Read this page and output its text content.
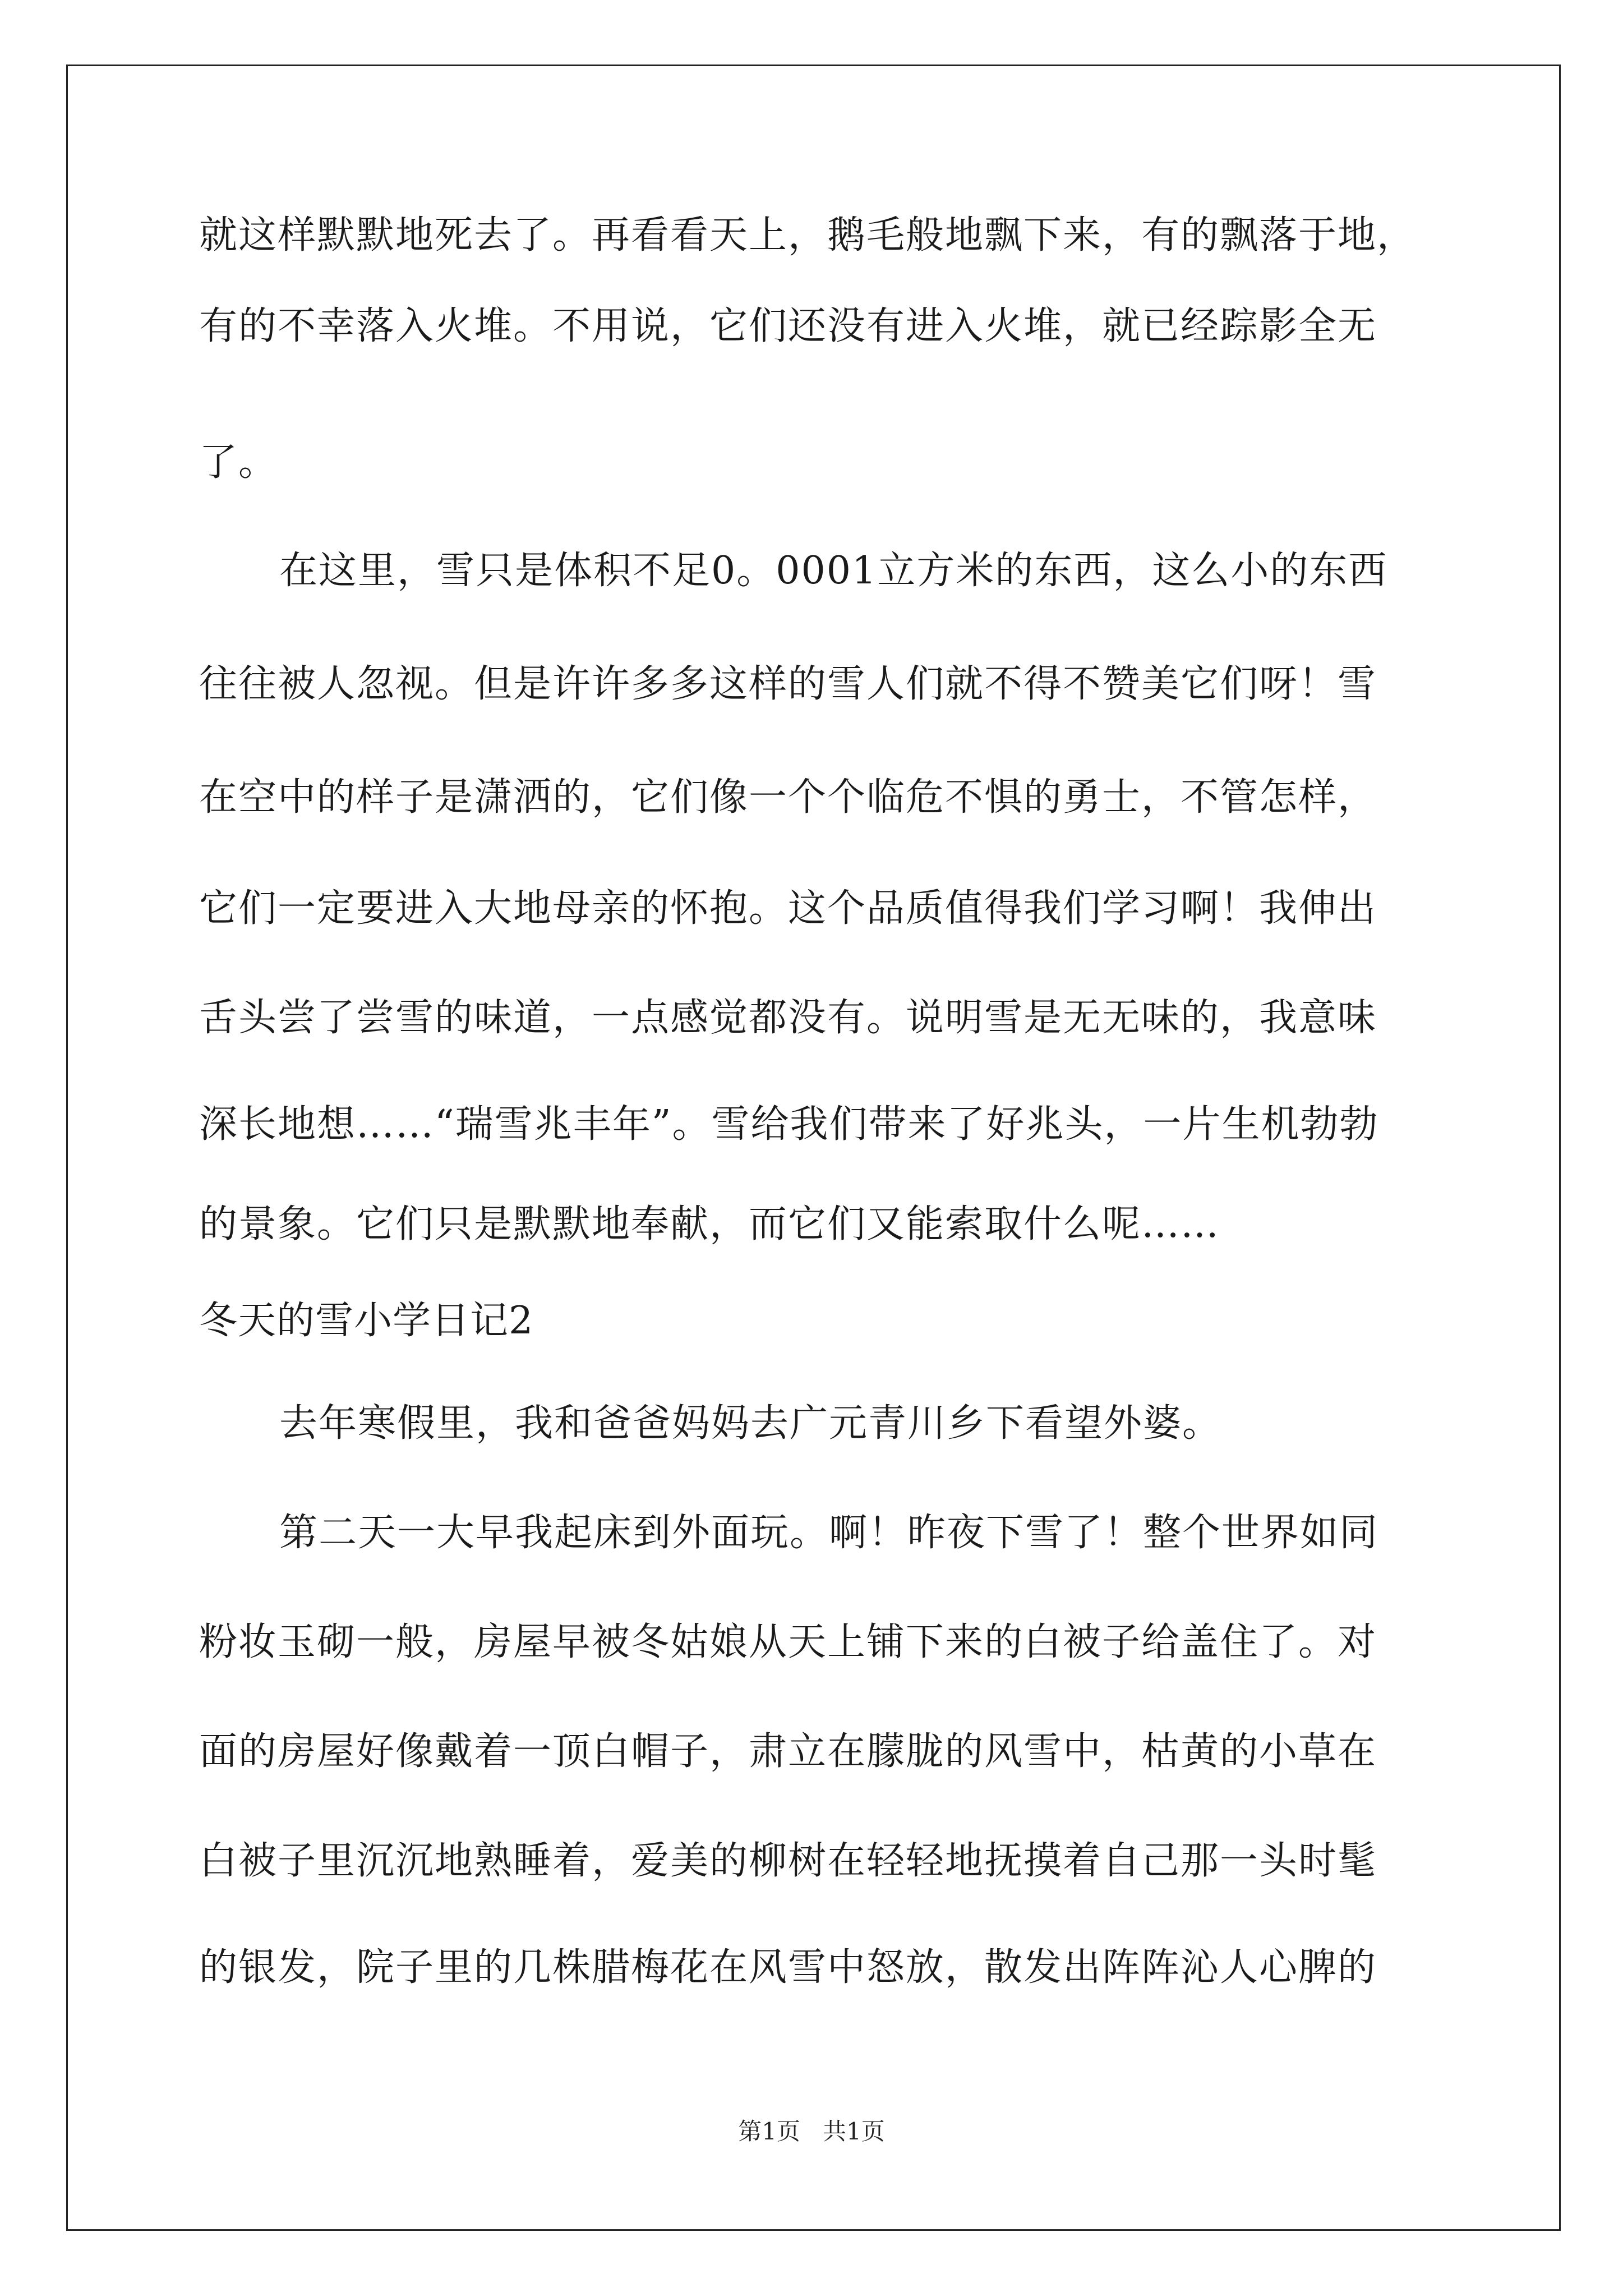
就这样默默地死去了。再看看天上，鹅毛般地飘下来，有的飘落于地，
有的不幸落入火堆。不用说，它们还没有进入火堆，就已经踪影全无
了。
在这里，雪只是体积不足0。0001立方米的东西，这么小的东西
往往被人忽视。但是许许多多这样的雪人们就不得不赞美它们呀！雪
在空中的样子是潇洒的，它们像一个个临危不惧的勇士，不管怎样，
它们一定要进入大地母亲的怀抱。这个品质值得我们学习啊！我伸出
舌头尝了尝雪的味道，一点感觉都没有。说明雪是无无味的，我意味
深长地想……“瑞雪兆丰年”。雪给我们带来了好兆头，一片生机勃勃
的景象。它们只是默默地奉献，而它们又能索取什么呢……
冬天的雪小学日记2
去年寒假里，我和爸爸妈妈去广元青川乡下看望外婆。
第二天一大早我起床到外面玩。啊！昨夜下雪了！整个世界如同
粉妆玉砌一般，房屋早被冬姑娘从天上铺下来的白被子给盖住了。对
面的房屋好像戴着一顶白帽子，肃立在朦胧的风雪中，枯黄的小草在
白被子里沉沉地熟睡着，爱美的柳树在轻轻地抚摸着自己那一头时髦
的银发，院子里的几株腊梅花在风雪中怒放，散发出阵阵沁人心脾的
第1页 共1页
